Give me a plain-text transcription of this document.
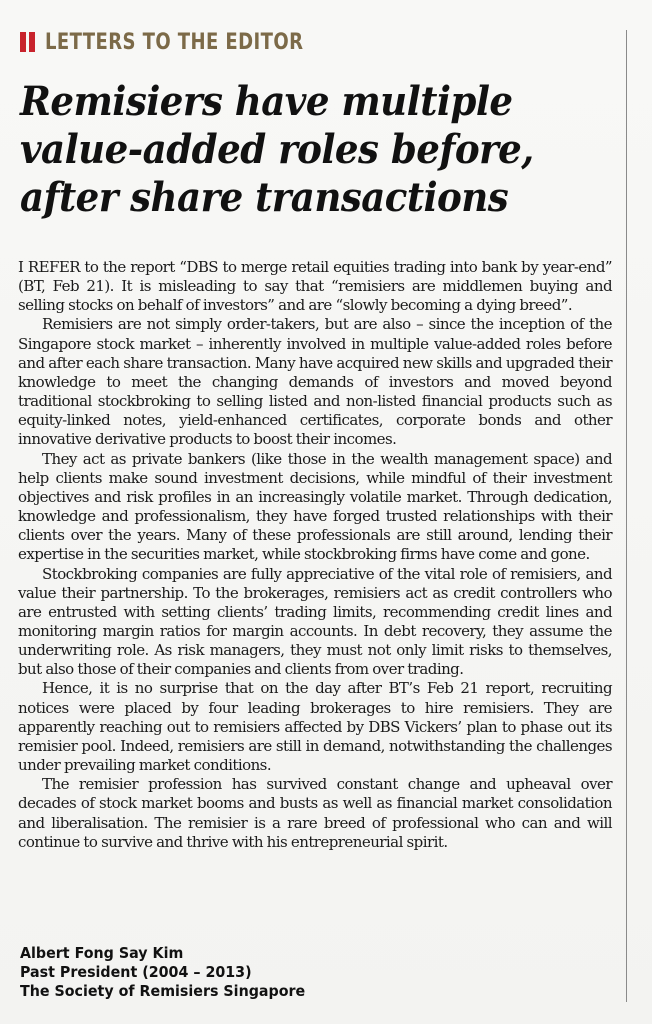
LETTERS TO THE EDITOR
Remisiers have multiple
value-added roles before,
after share transactions

I REFER to the report “DBS to merge retail equities trading into bank by year-end” (BT, Feb 21). It is misleading to say that “remisiers are middlemen buying and selling stocks on behalf of investors” and are “slowly becoming a dying breed”.

Remisiers are not simply order-takers, but are also – since the inception of the Singapore stock market – inherently involved in multiple value-added roles before and after each share transaction. Many have acquired new skills and upgraded their knowledge to meet the changing demands of investors and moved beyond traditional stockbroking to selling listed and non-listed financial products such as equity-linked notes, yield-enhanced certificates, corporate bonds and other innovative derivative products to boost their incomes.

They act as private bankers (like those in the wealth management space) and help clients make sound investment decisions, while mindful of their investment objectives and risk profiles in an increasingly volatile market. Through dedication, knowledge and professionalism, they have forged trusted relationships with their clients over the years. Many of these professionals are still around, lending their expertise in the securities market, while stockbroking firms have come and gone.

Stockbroking companies are fully appreciative of the vital role of remisiers, and value their partnership. To the brokerages, remisiers act as credit controllers who are entrusted with setting clients’ trading limits, recommending credit lines and monitoring margin ratios for margin accounts. In debt recovery, they assume the underwriting role. As risk managers, they must not only limit risks to themselves, but also those of their companies and clients from over trading.

Hence, it is no surprise that on the day after BT’s Feb 21 report, recruiting notices were placed by four leading brokerages to hire remisiers. They are apparently reaching out to remisiers affected by DBS Vickers’ plan to phase out its remisier pool. Indeed, remisiers are still in demand, notwithstanding the challenges under prevailing market conditions.

The remisier profession has survived constant change and upheaval over decades of stock market booms and busts as well as financial market consolidation and liberalisation. The remisier is a rare breed of professional who can and will continue to survive and thrive with his entrepreneurial spirit.

Albert Fong Say Kim
Past President (2004 – 2013)
The Society of Remisiers Singapore
